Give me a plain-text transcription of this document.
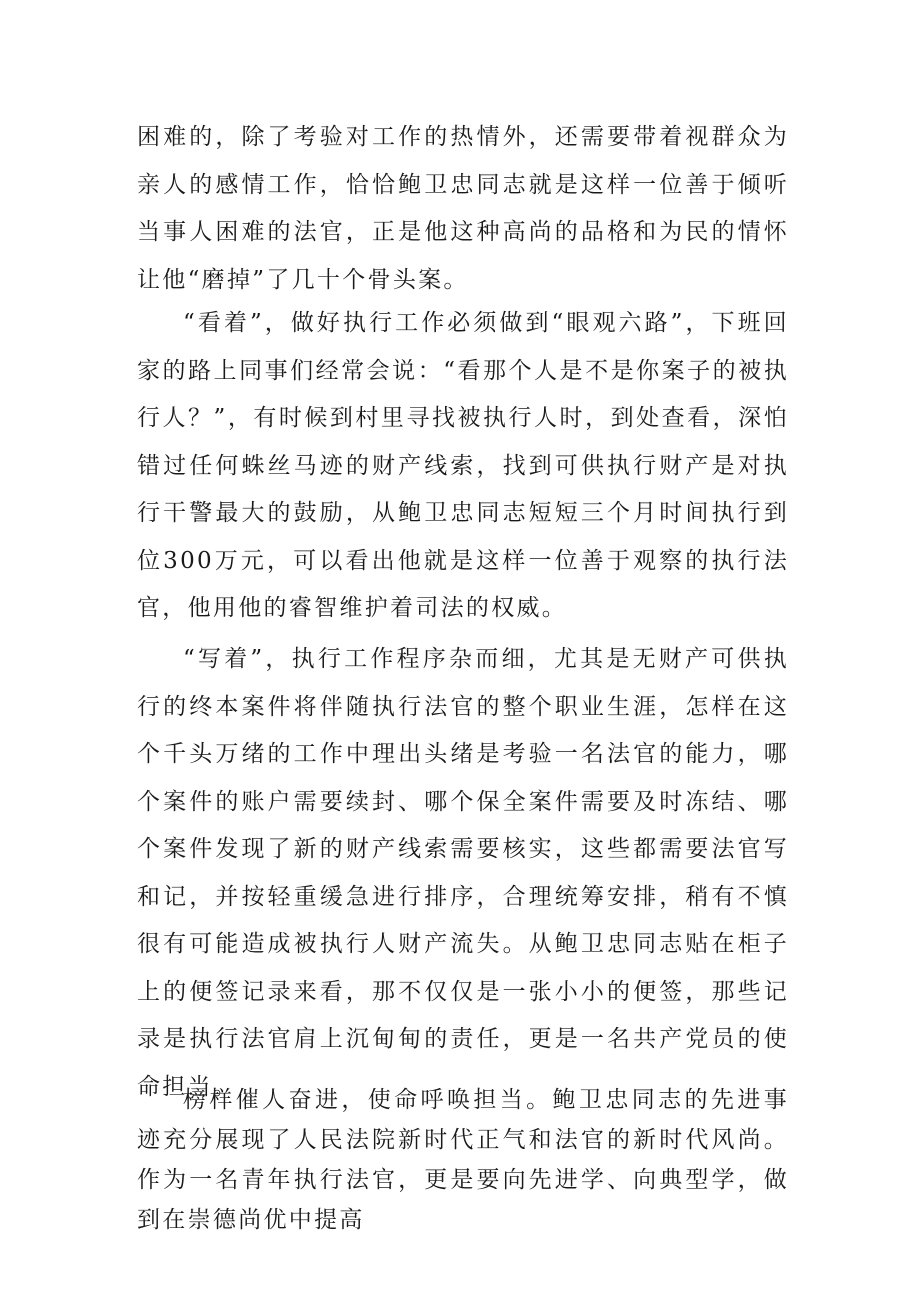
困难的，除了考验对工作的热情外，还需要带着视群众为亲人的感情工作，恰恰鲍卫忠同志就是这样一位善于倾听当事人困难的法官，正是他这种高尚的品格和为民的情怀让他“磨掉”了几十个骨头案。

“看着”，做好执行工作必须做到“眼观六路”，下班回家的路上同事们经常会说：“看那个人是不是你案子的被执行人？”，有时候到村里寻找被执行人时，到处查看，深怕错过任何蛛丝马迹的财产线索，找到可供执行财产是对执行干警最大的鼓励，从鲍卫忠同志短短三个月时间执行到位300万元，可以看出他就是这样一位善于观察的执行法官，他用他的睿智维护着司法的权威。

“写着”，执行工作程序杂而细，尤其是无财产可供执行的终本案件将伴随执行法官的整个职业生涯，怎样在这个千头万绪的工作中理出头绪是考验一名法官的能力，哪个案件的账户需要续封、哪个保全案件需要及时冻结、哪个案件发现了新的财产线索需要核实，这些都需要法官写和记，并按轻重缓急进行排序，合理统筹安排，稍有不慎很有可能造成被执行人财产流失。从鲍卫忠同志贴在柜子上的便签记录来看，那不仅仅是一张小小的便签，那些记录是执行法官肩上沉甸甸的责任，更是一名共产党员的使命担当。

榜样催人奋进，使命呼唤担当。鲍卫忠同志的先进事迹充分展现了人民法院新时代正气和法官的新时代风尚。作为一名青年执行法官，更是要向先进学、向典型学，做到在崇德尚优中提高
